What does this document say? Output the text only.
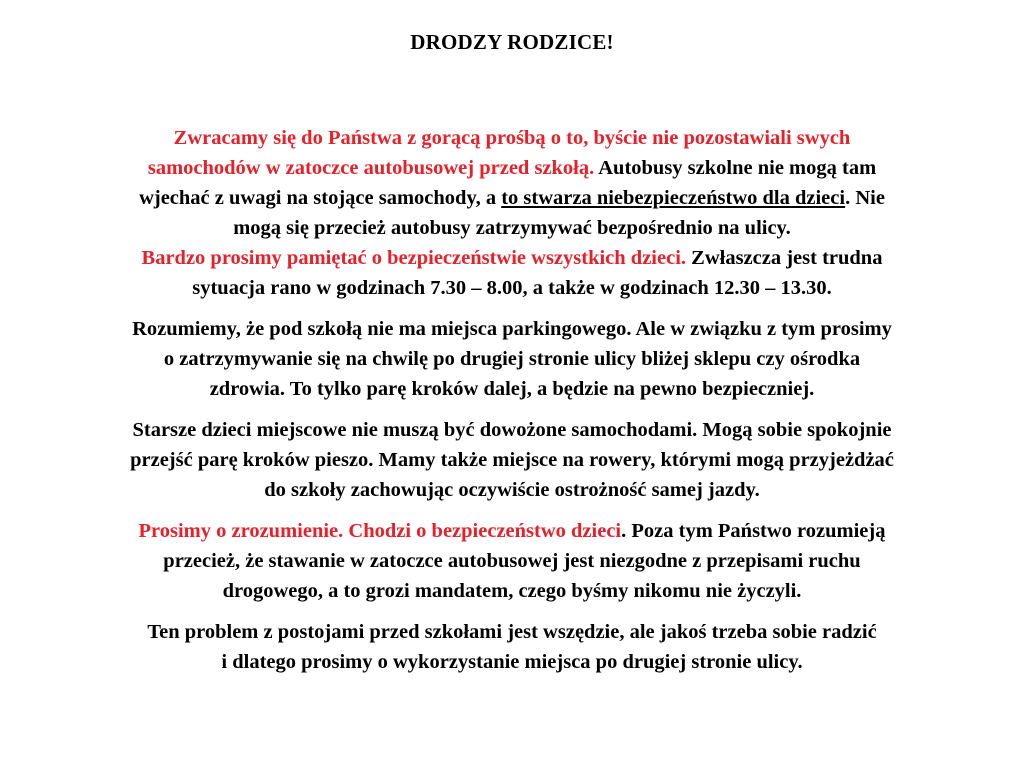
DRODZY RODZICE!

Zwracamy się do Państwa z gorącą prośbą o to, byście nie pozostawiali swych
samochodów w zatoczce autobusowej przed szkołą. Autobusy szkolne nie mogą tam
wjechać z uwagi na stojące samochody, a to stwarza niebezpieczeństwo dla dzieci. Nie
mogą się przecież autobusy zatrzymywać bezpośrednio na ulicy.
Bardzo prosimy pamiętać o bezpieczeństwie wszystkich dzieci. Zwłaszcza jest trudna
sytuacja rano w godzinach 7.30 – 8.00, a także w godzinach 12.30 – 13.30.

Rozumiemy, że pod szkołą nie ma miejsca parkingowego. Ale w związku z tym prosimy
o zatrzymywanie się na chwilę po drugiej stronie ulicy bliżej sklepu czy ośrodka
zdrowia. To tylko parę kroków dalej, a będzie na pewno bezpieczniej.

Starsze dzieci miejscowe nie muszą być dowożone samochodami. Mogą sobie spokojnie
przejść parę kroków pieszo. Mamy także miejsce na rowery, którymi mogą przyjeżdżać
do szkoły zachowując oczywiście ostrożność samej jazdy.

Prosimy o zrozumienie. Chodzi o bezpieczeństwo dzieci. Poza tym Państwo rozumieją
przecież, że stawanie w zatoczce autobusowej jest niezgodne z przepisami ruchu
drogowego, a to grozi mandatem, czego byśmy nikomu nie życzyli.

Ten problem z postojami przed szkołami jest wszędzie, ale jakoś trzeba sobie radzić
i dlatego prosimy o wykorzystanie miejsca po drugiej stronie ulicy.
